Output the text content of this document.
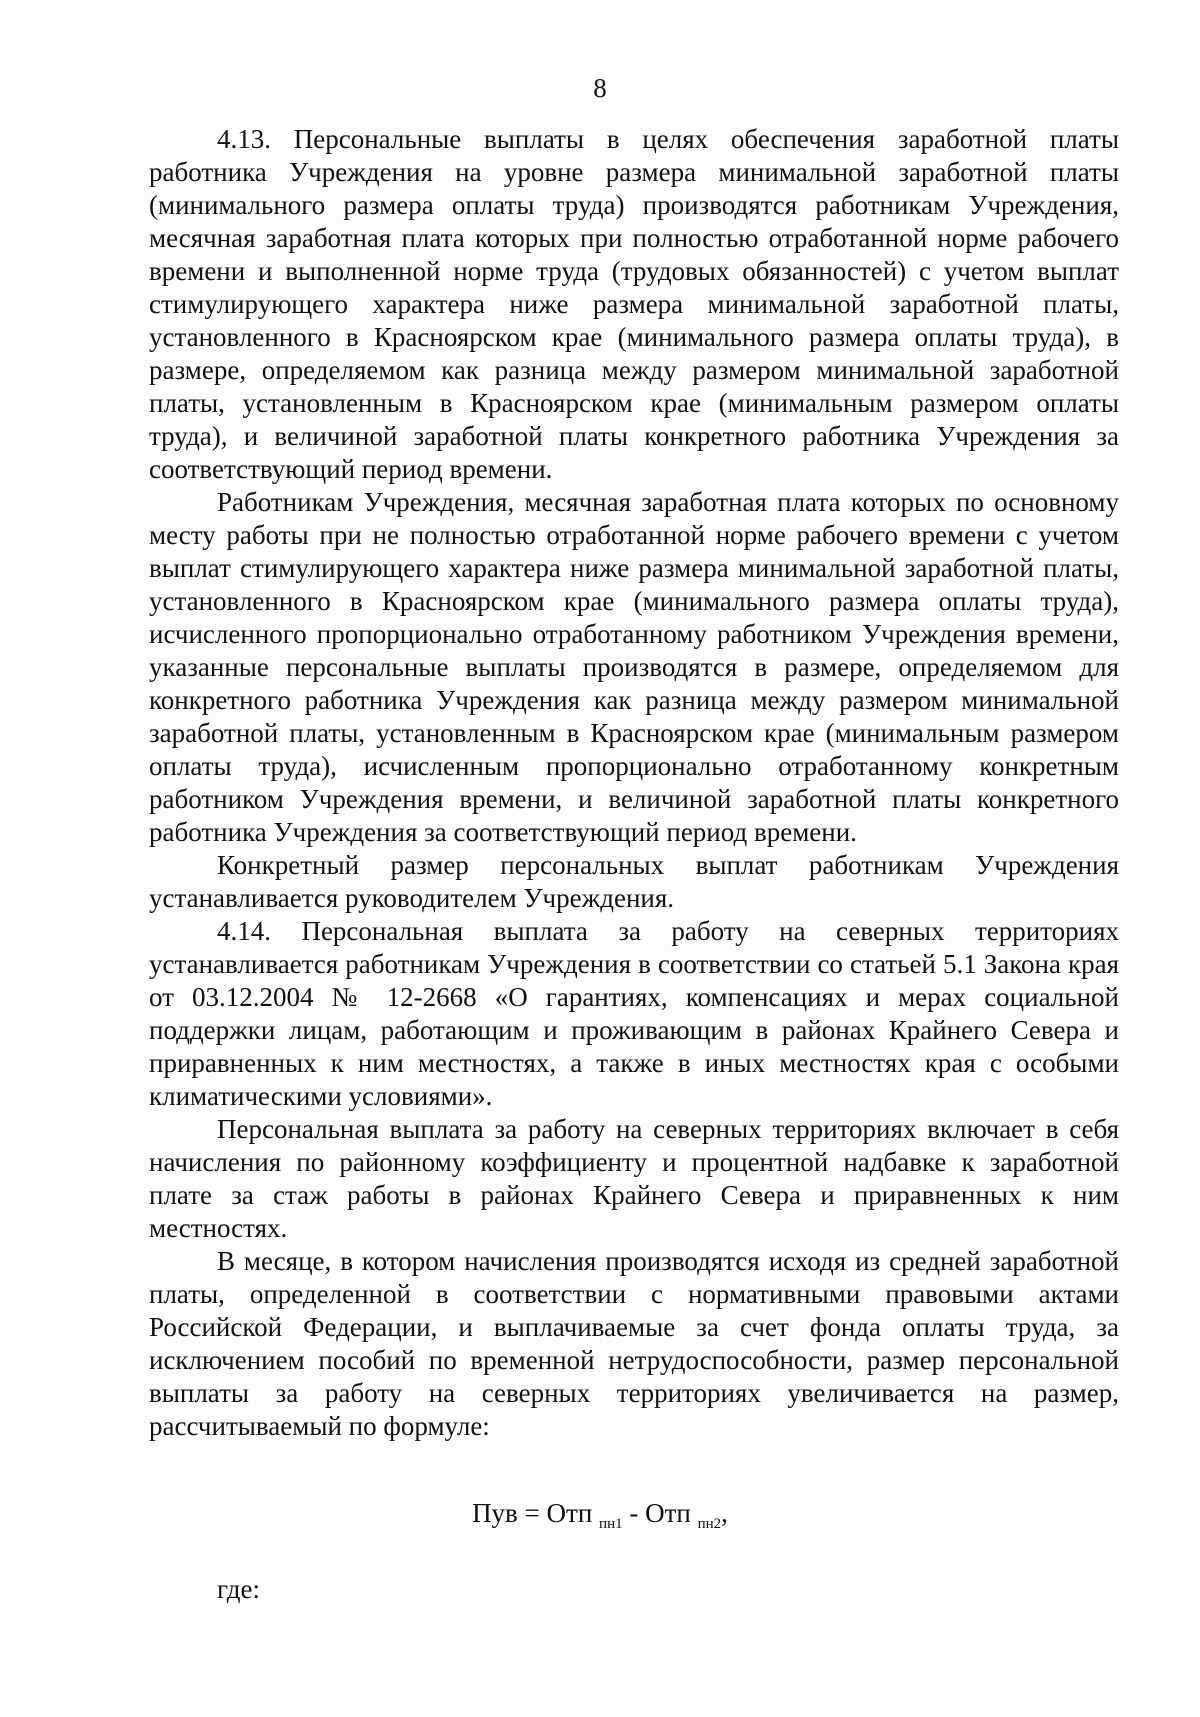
8

4.13. Персональные выплаты в целях обеспечения заработной платы работника Учреждения на уровне размера минимальной заработной платы (минимального размера оплаты труда) производятся работникам Учреждения, месячная заработная плата которых при полностью отработанной норме рабочего времени и выполненной норме труда (трудовых обязанностей) с учетом выплат стимулирующего характера ниже размера минимальной заработной платы, установленного в Красноярском крае (минимального размера оплаты труда), в размере, определяемом как разница между размером минимальной заработной платы, установленным в Красноярском крае (минимальным размером оплаты труда), и величиной заработной платы конкретного работника Учреждения за соответствующий период времени.

Работникам Учреждения, месячная заработная плата которых по основному месту работы при не полностью отработанной норме рабочего времени с учетом выплат стимулирующего характера ниже размера минимальной заработной платы, установленного в Красноярском крае (минимального размера оплаты труда), исчисленного пропорционально отработанному работником Учреждения времени, указанные персональные выплаты производятся в размере, определяемом для конкретного работника Учреждения как разница между размером минимальной заработной платы, установленным в Красноярском крае (минимальным размером оплаты труда), исчисленным пропорционально отработанному конкретным работником Учреждения времени, и величиной заработной платы конкретного работника Учреждения за соответствующий период времени.

Конкретный размер персональных выплат работникам Учреждения устанавливается руководителем Учреждения.

4.14. Персональная выплата за работу на северных территориях устанавливается работникам Учреждения в соответствии со статьей 5.1 Закона края от 03.12.2004 № 12-2668 «О гарантиях, компенсациях и мерах социальной поддержки лицам, работающим и проживающим в районах Крайнего Севера и приравненных к ним местностях, а также в иных местностях края с особыми климатическими условиями».

Персональная выплата за работу на северных территориях включает в себя начисления по районному коэффициенту и процентной надбавке к заработной плате за стаж работы в районах Крайнего Севера и приравненных к ним местностях.

В месяце, в котором начисления производятся исходя из средней заработной платы, определенной в соответствии с нормативными правовыми актами Российской Федерации, и выплачиваемые за счет фонда оплаты труда, за исключением пособий по временной нетрудоспособности, размер персональной выплаты за работу на северных территориях увеличивается на размер, рассчитываемый по формуле:

Пув = Отп $_{пн1}$ - Отп $_{пн2}$,
где:
